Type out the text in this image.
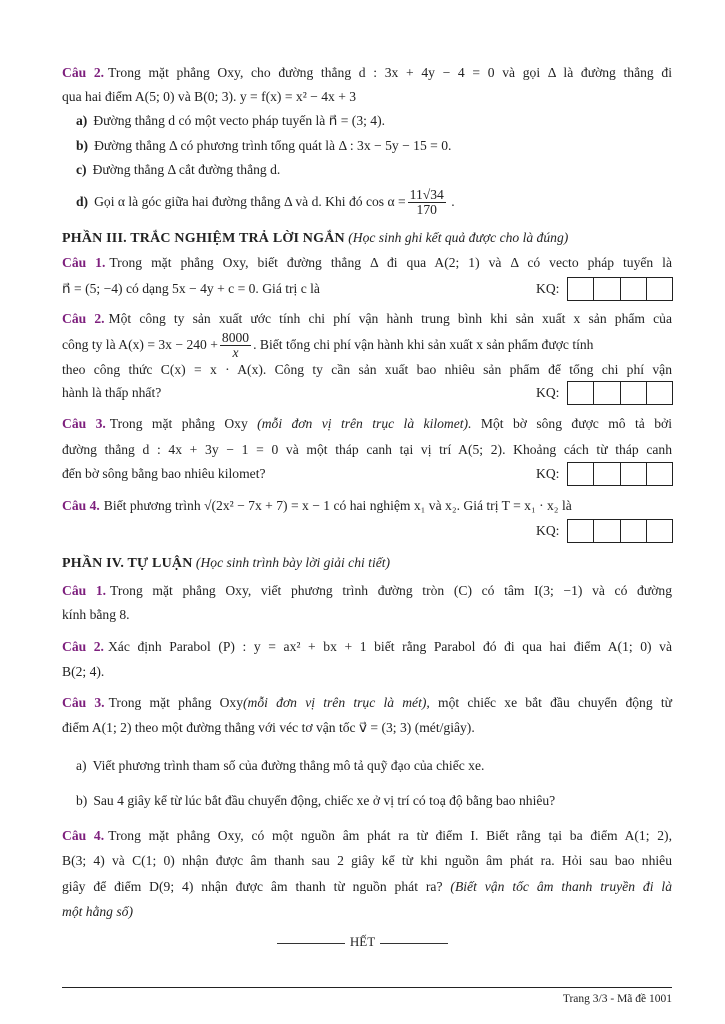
Câu 2. Trong mặt phẳng Oxy, cho đường thẳng d : 3x + 4y − 4 = 0 và gọi Δ là đường thẳng đi
qua hai điểm A(5; 0) và B(0; 3). y = f(x) = x² − 4x + 3
a) Đường thẳng d có một vecto pháp tuyến là n⃗ = (3; 4).
b) Đường thẳng Δ có phương trình tổng quát là Δ : 3x − 5y − 15 = 0.
c) Đường thẳng Δ cắt đường thẳng d.
d) Gọi α là góc giữa hai đường thẳng Δ và d. Khi đó $\cos \alpha = \frac{11√34}{170}$ .
PHẦN III. TRẮC NGHIỆM TRẢ LỜI NGẮN (Học sinh ghi kết quả được cho là đúng)
Câu 1. Trong mặt phẳng Oxy, biết đường thẳng Δ đi qua A(2; 1) và Δ có vecto pháp tuyến là
n⃗ = (5; −4) có dạng 5x − 4y + c = 0. Giá trị c là	KQ:
Câu 2. Một công ty sản xuất ước tính chi phí vận hành trung bình khi sản xuất x sản phẩm của
công ty là $A(x) = 3x - 240 + \frac{8000}{x}$ . Biết tổng chi phí vận hành khi sản xuất x sản phẩm được tính
theo công thức C(x) = x · A(x). Công ty cần sản xuất bao nhiêu sản phẩm để tổng chi phí vận
hành là thấp nhất?	KQ:
Câu 3. Trong mặt phẳng Oxy (mỗi đơn vị trên trục là kilomet). Một bờ sông được mô tả bởi
đường thẳng d : 4x + 3y − 1 = 0 và một tháp canh tại vị trí A(5; 2). Khoảng cách từ tháp canh
đến bờ sông bằng bao nhiêu kilomet?	KQ:
Câu 4. Biết phương trình √(2x² − 7x + 7) = x − 1 có hai nghiệm x₁ và x₂. Giá trị T = x₁ · x₂ là
KQ:
PHẦN IV. TỰ LUẬN (Học sinh trình bày lời giải chi tiết)
Câu 1. Trong mặt phẳng Oxy, viết phương trình đường tròn (C) có tâm I(3; −1) và có đường
kính bằng 8.
Câu 2. Xác định Parabol (P) : y = ax² + bx + 1 biết rằng Parabol đó đi qua hai điểm A(1; 0) và
B(2; 4).
Câu 3. Trong mặt phẳng Oxy(mỗi đơn vị trên trục là mét), một chiếc xe bắt đầu chuyển động từ
điểm A(1; 2) theo một đường thẳng với véc tơ vận tốc v⃗ = (3; 3) (mét/giây).
a) Viết phương trình tham số của đường thẳng mô tả quỹ đạo của chiếc xe.
b) Sau 4 giây kể từ lúc bắt đầu chuyển động, chiếc xe ở vị trí có toạ độ bằng bao nhiêu?
Câu 4. Trong mặt phẳng Oxy, có một nguồn âm phát ra từ điểm I. Biết rằng tại ba điểm A(1; 2),
B(3; 4) và C(1; 0) nhận được âm thanh sau 2 giây kể từ khi nguồn âm phát ra. Hỏi sau bao nhiêu
giây để điểm D(9; 4) nhận được âm thanh từ nguồn phát ra? (Biết vận tốc âm thanh truyền đi là
một hằng số)
HẾT
Trang 3/3 - Mã đề 1001
